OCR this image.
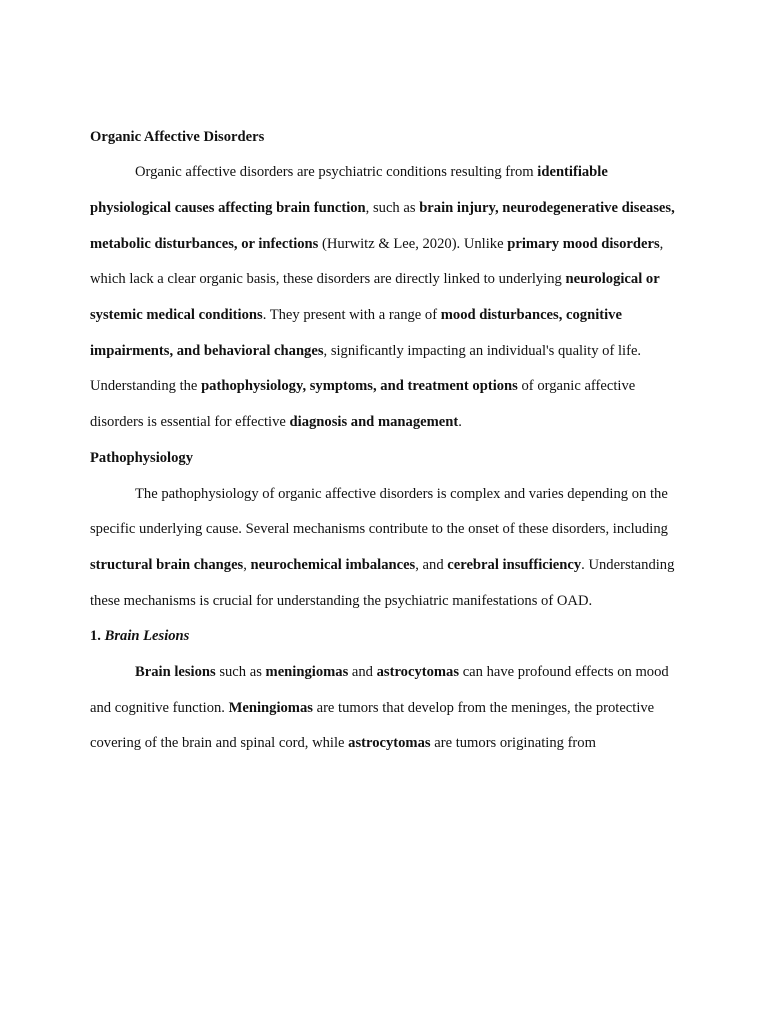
Organic Affective Disorders

Organic affective disorders are psychiatric conditions resulting from identifiable physiological causes affecting brain function, such as brain injury, neurodegenerative diseases, metabolic disturbances, or infections (Hurwitz & Lee, 2020). Unlike primary mood disorders, which lack a clear organic basis, these disorders are directly linked to underlying neurological or systemic medical conditions. They present with a range of mood disturbances, cognitive impairments, and behavioral changes, significantly impacting an individual's quality of life.

Understanding the pathophysiology, symptoms, and treatment options of organic affective disorders is essential for effective diagnosis and management.

Pathophysiology

The pathophysiology of organic affective disorders is complex and varies depending on the specific underlying cause. Several mechanisms contribute to the onset of these disorders, including structural brain changes, neurochemical imbalances, and cerebral insufficiency. Understanding these mechanisms is crucial for understanding the psychiatric manifestations of OAD.

1. Brain Lesions

Brain lesions such as meningiomas and astrocytomas can have profound effects on mood and cognitive function. Meningiomas are tumors that develop from the meninges, the protective covering of the brain and spinal cord, while astrocytomas are tumors originating from
